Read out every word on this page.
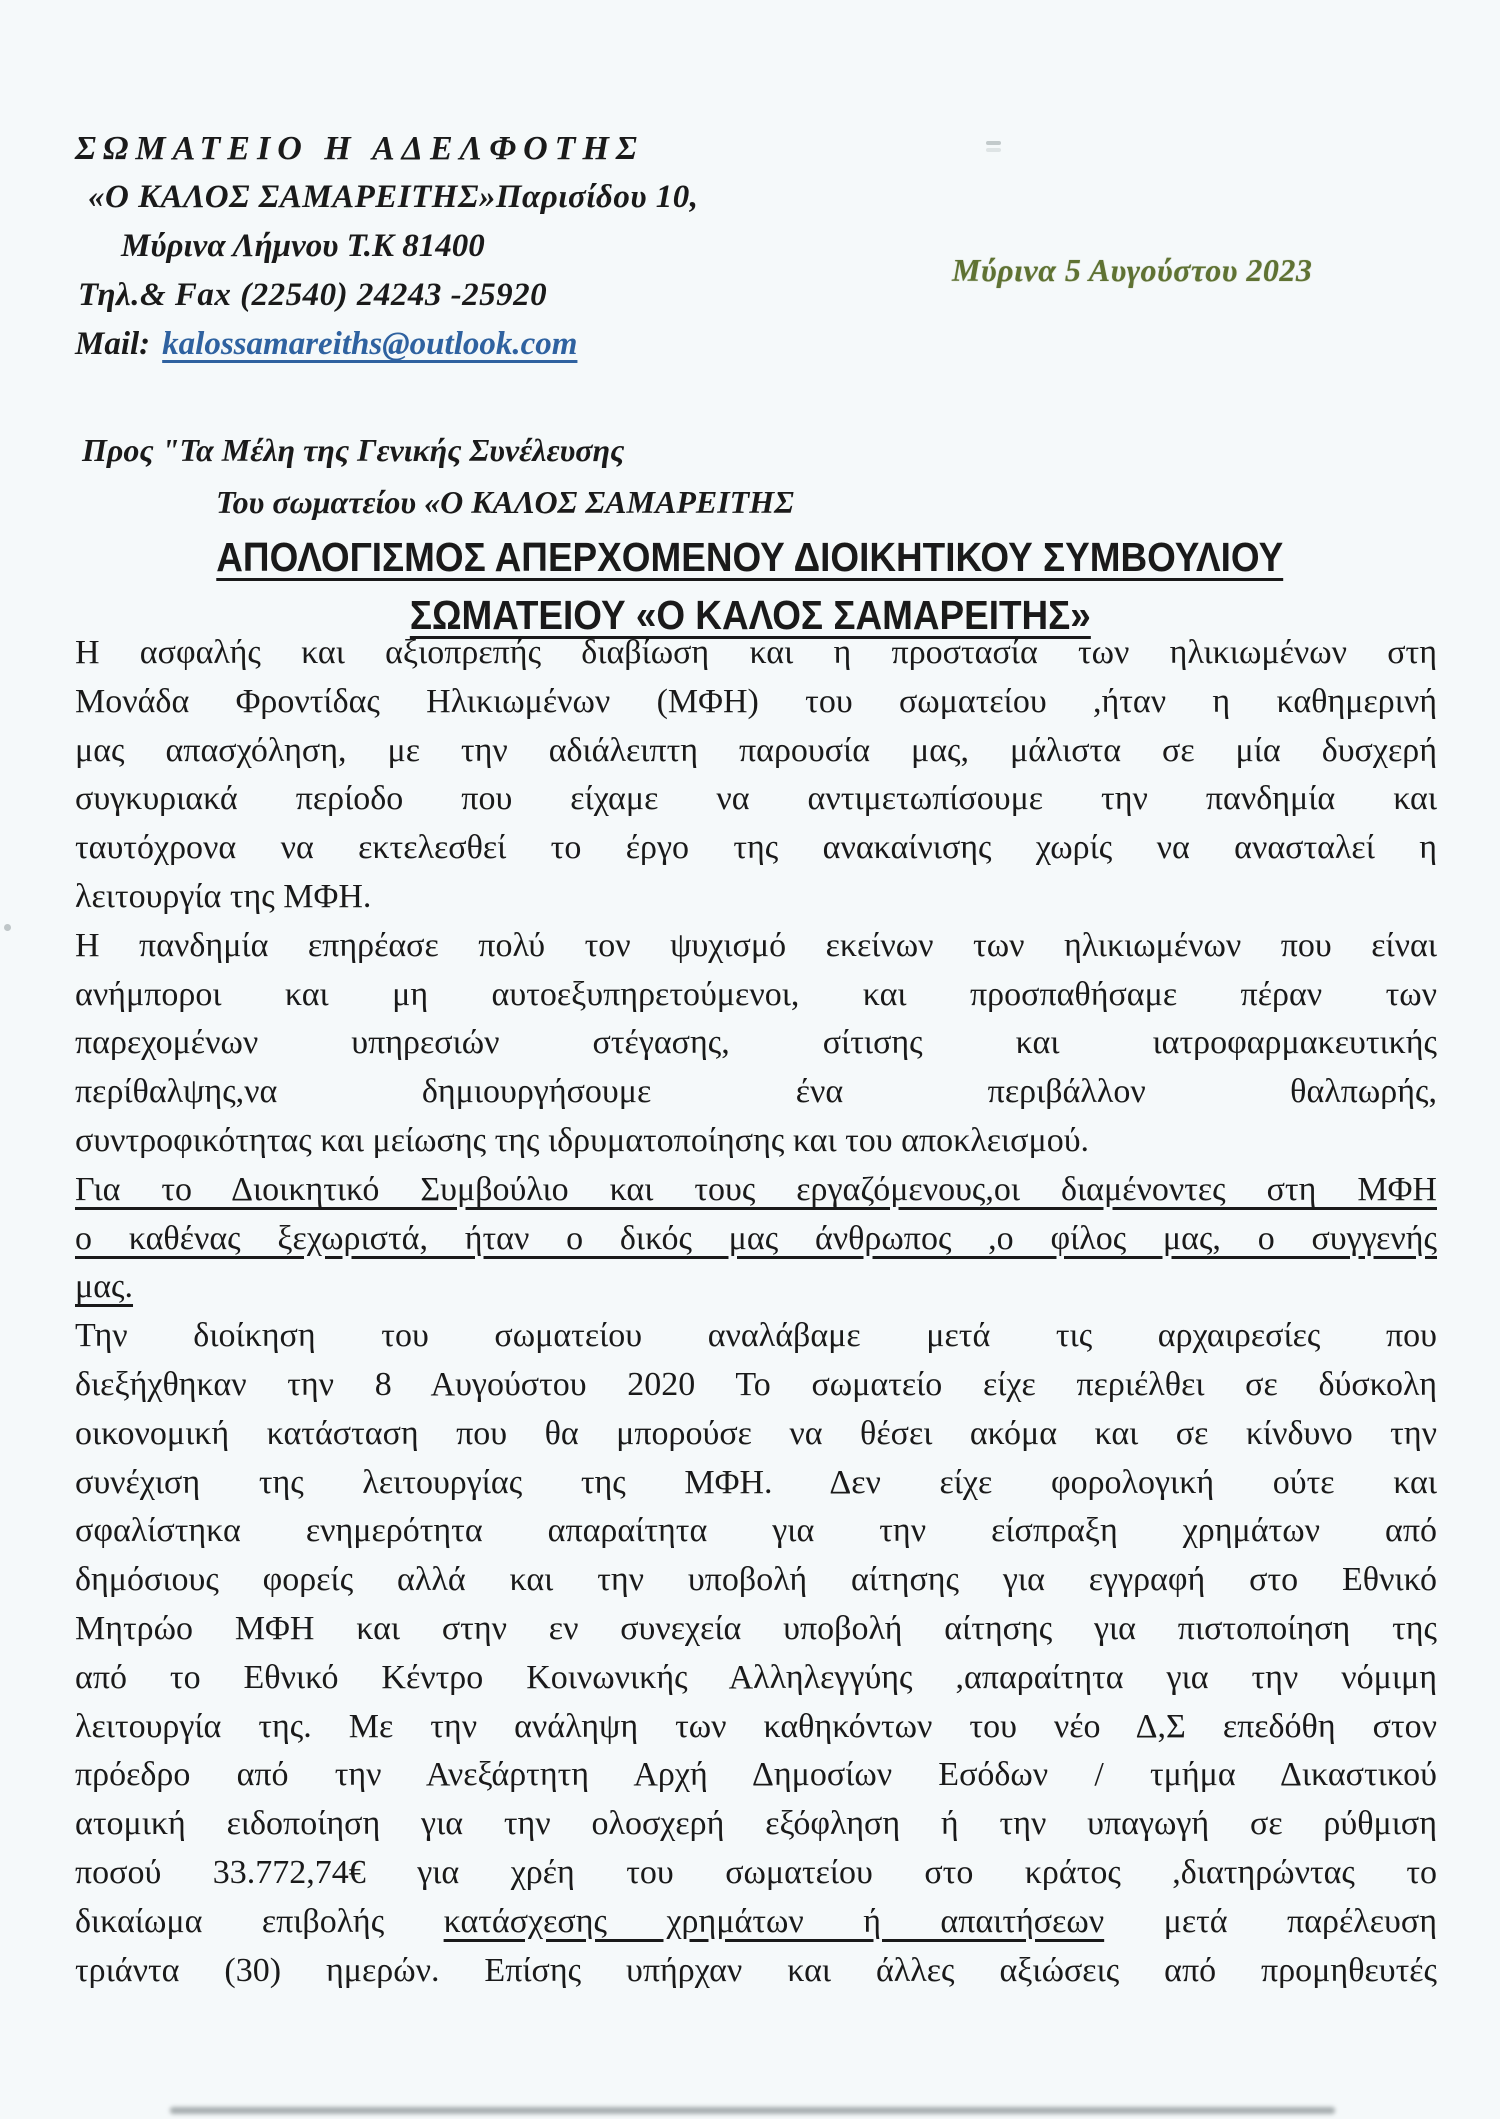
ΣΩΜΑΤΕΙΟ Η ΑΔΕΛΦΟΤΗΣ
«Ο ΚΑΛΟΣ ΣΑΜΑΡΕΙΤΗΣ»Παρισίδου 10,
Μύρινα Λήμνου Τ.Κ 81400
Τηλ.& Fax (22540) 24243 -25920
Mail: kalossamareiths@outlook.com
Μύρινα 5 Αυγούστου 2023
Προς "Τα Μέλη της Γενικής Συνέλευσης
Του σωματείου «Ο ΚΑΛΟΣ ΣΑΜΑΡΕΙΤΗΣ
ΑΠΟΛΟΓΙΣΜΟΣ ΑΠΕΡΧΟΜΕΝΟΥ ΔΙΟΙΚΗΤΙΚΟΥ ΣΥΜΒΟΥΛΙΟΥ
ΣΩΜΑΤΕΙΟΥ «Ο ΚΑΛΟΣ ΣΑΜΑΡΕΙΤΗΣ»
Η ασφαλής και αξιοπρεπής διαβίωση και η προστασία των ηλικιωμένων στη
Μονάδα Φροντίδας Ηλικιωμένων (ΜΦΗ) του σωματείου ,ήταν η καθημερινή
μας απασχόληση, με την αδιάλειπτη παρουσία μας, μάλιστα σε μία δυσχερή
συγκυριακά περίοδο που είχαμε να αντιμετωπίσουμε την πανδημία και
ταυτόχρονα να εκτελεσθεί το έργο της ανακαίνισης χωρίς να ανασταλεί η
λειτουργία της ΜΦΗ.
Η πανδημία επηρέασε πολύ τον ψυχισμό εκείνων των ηλικιωμένων που είναι
ανήμποροι και μη αυτοεξυπηρετούμενοι, και προσπαθήσαμε πέραν των
παρεχομένων υπηρεσιών στέγασης, σίτισης και ιατροφαρμακευτικής
περίθαλψης,να δημιουργήσουμε ένα περιβάλλον θαλπωρής,
συντροφικότητας και μείωσης της ιδρυματοποίησης και του αποκλεισμού.
Για το Διοικητικό Συμβούλιο και τους εργαζόμενους,οι διαμένοντες στη ΜΦΗ
ο καθένας ξεχωριστά, ήταν ο δικός μας άνθρωπος ,ο φίλος μας, ο συγγενής
μας.
Την διοίκηση του σωματείου αναλάβαμε μετά τις αρχαιρεσίες που
διεξήχθηκαν την 8 Αυγούστου 2020 Το σωματείο είχε περιέλθει σε δύσκολη
οικονομική κατάσταση που θα μπορούσε να θέσει ακόμα και σε κίνδυνο την
συνέχιση της λειτουργίας της ΜΦΗ. Δεν είχε φορολογική ούτε και
σφαλίστηκα ενημερότητα απαραίτητα για την είσπραξη χρημάτων από
δημόσιους φορείς αλλά και την υποβολή αίτησης για εγγραφή στο Εθνικό
Μητρώο ΜΦΗ και στην εν συνεχεία υποβολή αίτησης για πιστοποίηση της
από το Εθνικό Κέντρο Κοινωνικής Αλληλεγγύης ,απαραίτητα για την νόμιμη
λειτουργία της. Με την ανάληψη των καθηκόντων του νέο Δ,Σ επεδόθη στον
πρόεδρο από την Ανεξάρτητη Αρχή Δημοσίων Εσόδων / τμήμα Δικαστικού
ατομική ειδοποίηση για την ολοσχερή εξόφληση ή την υπαγωγή σε ρύθμιση
ποσού 33.772,74€ για χρέη του σωματείου στο κράτος ,διατηρώντας το
δικαίωμα επιβολής κατάσχεσης χρημάτων ή απαιτήσεων μετά παρέλευση
τριάντα (30) ημερών. Επίσης υπήρχαν και άλλες αξιώσεις από προμηθευτές
